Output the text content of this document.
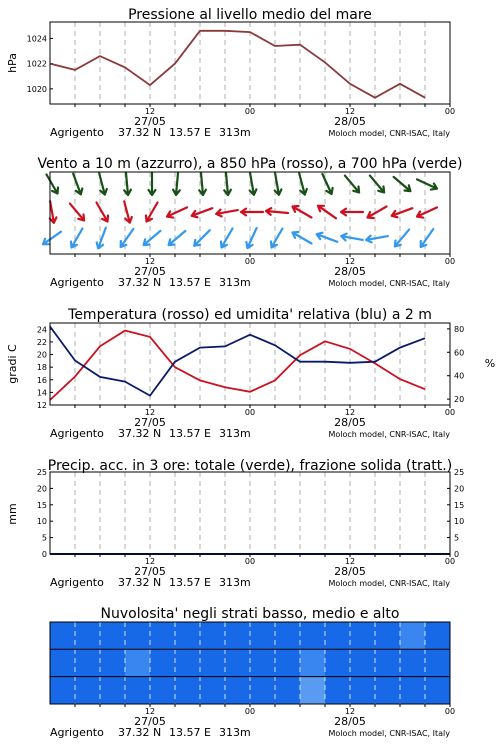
Pressione al livello medio del mare
hPa
1020
1022
1024
12	00	12	00
27/05	28/05
Agrigento 37.32 N 13.57 E 313m	Moloch model, CNR-ISAC, Italy
Vento a 10 m (azzurro), a 850 hPa (rosso), a 700 hPa (verde)
12	00	12	00
27/05	28/05
Agrigento 37.32 N 13.57 E 313m	Moloch model, CNR-ISAC, Italy
Temperatura (rosso) ed umidita' relativa (blu) a 2 m
gradi C	%
12
14
16
18
20
22
24
20
40
60
80
12	00	12	00
27/05	28/05
Agrigento 37.32 N 13.57 E 313m	Moloch model, CNR-ISAC, Italy
Precip. acc. in 3 ore: totale (verde), frazione solida (tratt.)
mm
0
5
10
15
20
25
0
5
10
15
20
25
12	00	12	00
27/05	28/05
Agrigento 37.32 N 13.57 E 313m	Moloch model, CNR-ISAC, Italy
Nuvolosita' negli strati basso, medio e alto
12	00	12	00
27/05	28/05
Agrigento 37.32 N 13.57 E 313m	Moloch model, CNR-ISAC, Italy
